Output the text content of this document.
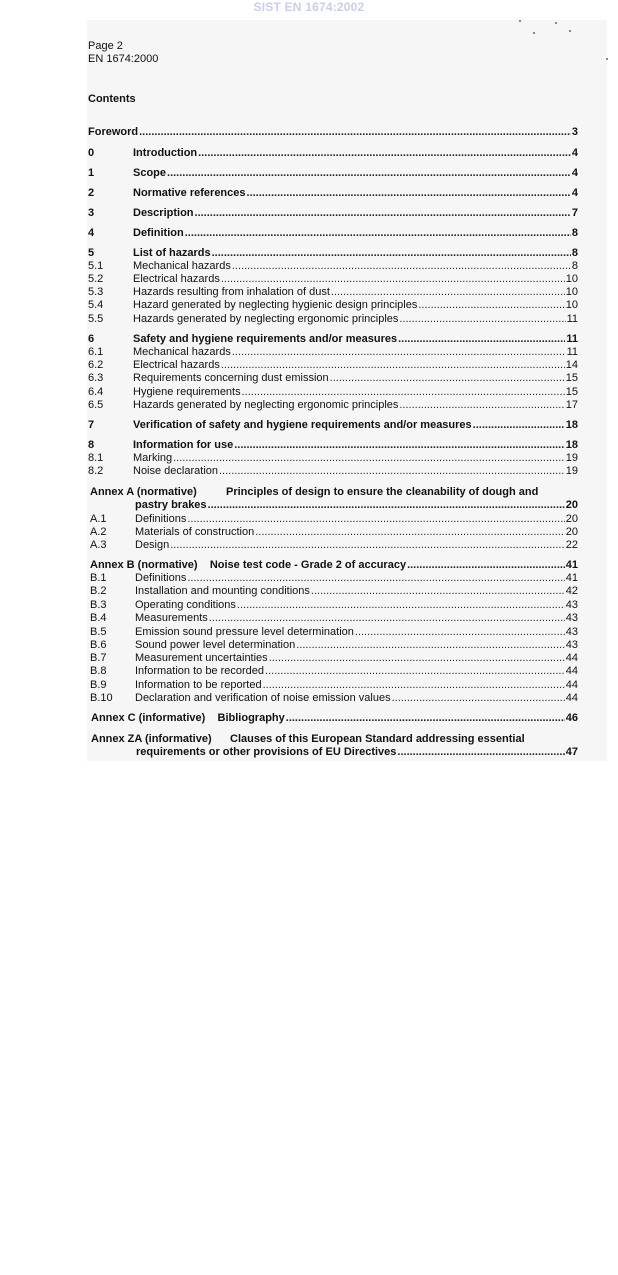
SIST EN 1674:2002
Page 2
EN 1674:2000
Contents
Foreword .....	3
0	Introduction .....	4
1	Scope .....	4
2	Normative references .....	4
3	Description .....	7
4	Definition .....	8
5	List of hazards .....	8
5.1	Mechanical hazards .....	8
5.2	Electrical hazards .....	10
5.3	Hazards resulting from inhalation of dust .....	10
5.4	Hazard generated by neglecting hygienic design principles .....	10
5.5	Hazards generated by neglecting ergonomic principles .....	11
6	Safety and hygiene requirements and/or measures .....	11
6.1	Mechanical hazards .....	11
6.2	Electrical hazards .....	14
6.3	Requirements concerning dust emission .....	15
6.4	Hygiene requirements .....	15
6.5	Hazards generated by neglecting ergonomic principles .....	17
7	Verification of safety and hygiene requirements and/or measures .....	18
8	Information for use .....	18
8.1	Marking .....	19
8.2	Noise declaration .....	19
Annex A (normative)	Principles of design to ensure the cleanability of dough and
pastry brakes .....	20
A.1	Definitions .....	20
A.2	Materials of construction .....	20
A.3	Design .....	22
Annex B (normative) Noise test code - Grade 2 of accuracy .....	41
B.1	Definitions .....	41
B.2	Installation and mounting conditions .....	42
B.3	Operating conditions .....	43
B.4	Measurements .....	43
B.5	Emission sound pressure level determination .....	43
B.6	Sound power level determination .....	43
B.7	Measurement uncertainties .....	44
B.8	Information to be recorded .....	44
B.9	Information to be reported .....	44
B.10 Declaration and verification of noise emission values .....	44
Annex C (informative) Bibliography .....	46
Annex ZA (informative) Clauses of this European Standard addressing essential
requirements or other provisions of EU Directives .....	47
